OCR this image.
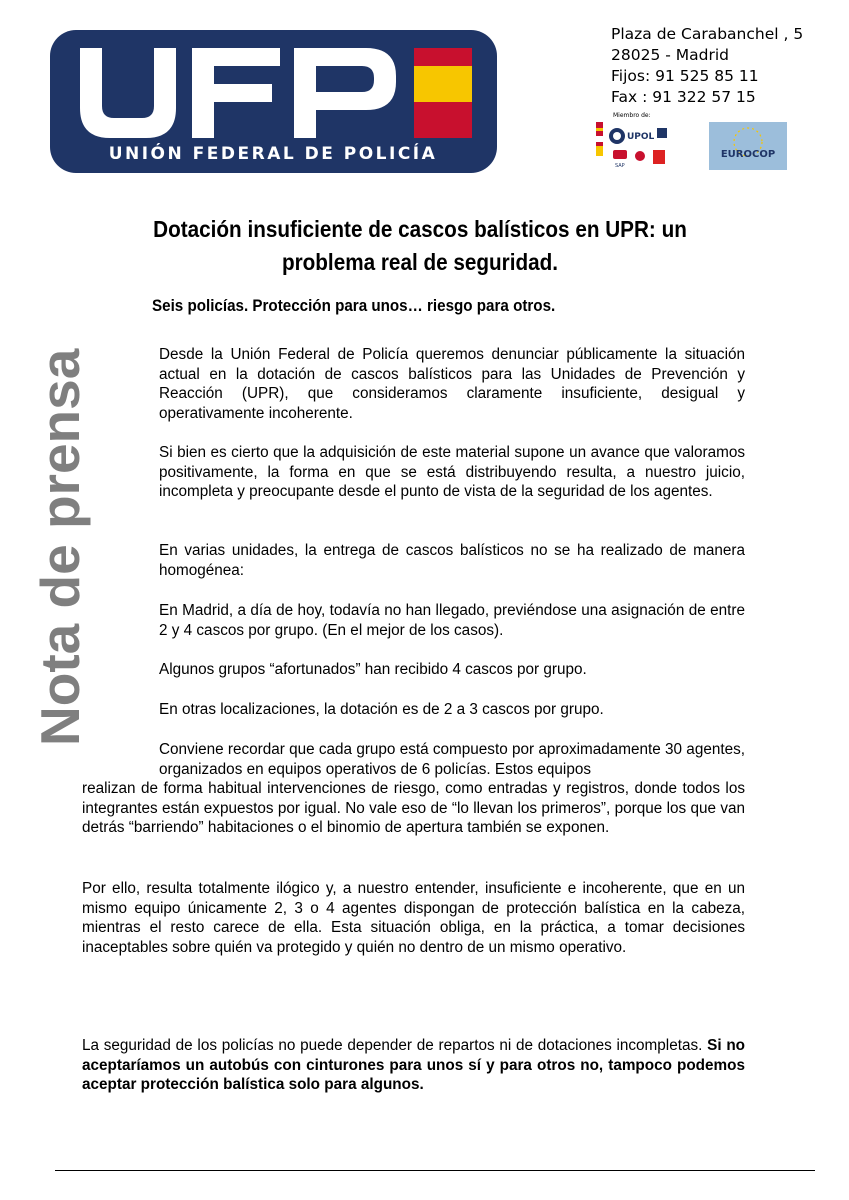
UNIÓN FEDERAL DE POLICÍA
Plaza de Carabanchel , 5
28025 - Madrid
Fijos: 91 525 85 11
Fax : 91 322 57 15
Miembro de:
UPOL
SAP
EUROCOP
Nota de prensa
Dotación insuficiente de cascos balísticos en UPR: un problema real de seguridad.
Seis policías. Protección para unos… riesgo para otros.

Desde la Unión Federal de Policía queremos denunciar públicamente la situación actual en la dotación de cascos balísticos para las Unidades de Prevención y Reacción (UPR), que consideramos claramente insuficiente, desigual y operativamente incoherente.

Si bien es cierto que la adquisición de este material supone un avance que valoramos positivamente, la forma en que se está distribuyendo resulta, a nuestro juicio, incompleta y preocupante desde el punto de vista de la seguridad de los agentes.

En varias unidades, la entrega de cascos balísticos no se ha realizado de manera homogénea:

En Madrid, a día de hoy, todavía no han llegado, previéndose una asignación de entre 2 y 4 cascos por grupo. (En el mejor de los casos).

Algunos grupos “afortunados” han recibido 4 cascos por grupo.

En otras localizaciones, la dotación es de 2 a 3 cascos por grupo.

Conviene recordar que cada grupo está compuesto por aproximadamente 30 agentes, organizados en equipos operativos de 6 policías. Estos equipos

realizan de forma habitual intervenciones de riesgo, como entradas y registros, donde todos los integrantes están expuestos por igual. No vale eso de “lo llevan los primeros”, porque los que van detrás “barriendo” habitaciones o el binomio de apertura también se exponen.

Por ello, resulta totalmente ilógico y, a nuestro entender, insuficiente e incoherente, que en un mismo equipo únicamente 2, 3 o 4 agentes dispongan de protección balística en la cabeza, mientras el resto carece de ella. Esta situación obliga, en la práctica, a tomar decisiones inaceptables sobre quién va protegido y quién no dentro de un mismo operativo.

La seguridad de los policías no puede depender de repartos ni de dotaciones incompletas. Si no aceptaríamos un autobús con cinturones para unos sí y para otros no, tampoco podemos aceptar protección balística solo para algunos.
